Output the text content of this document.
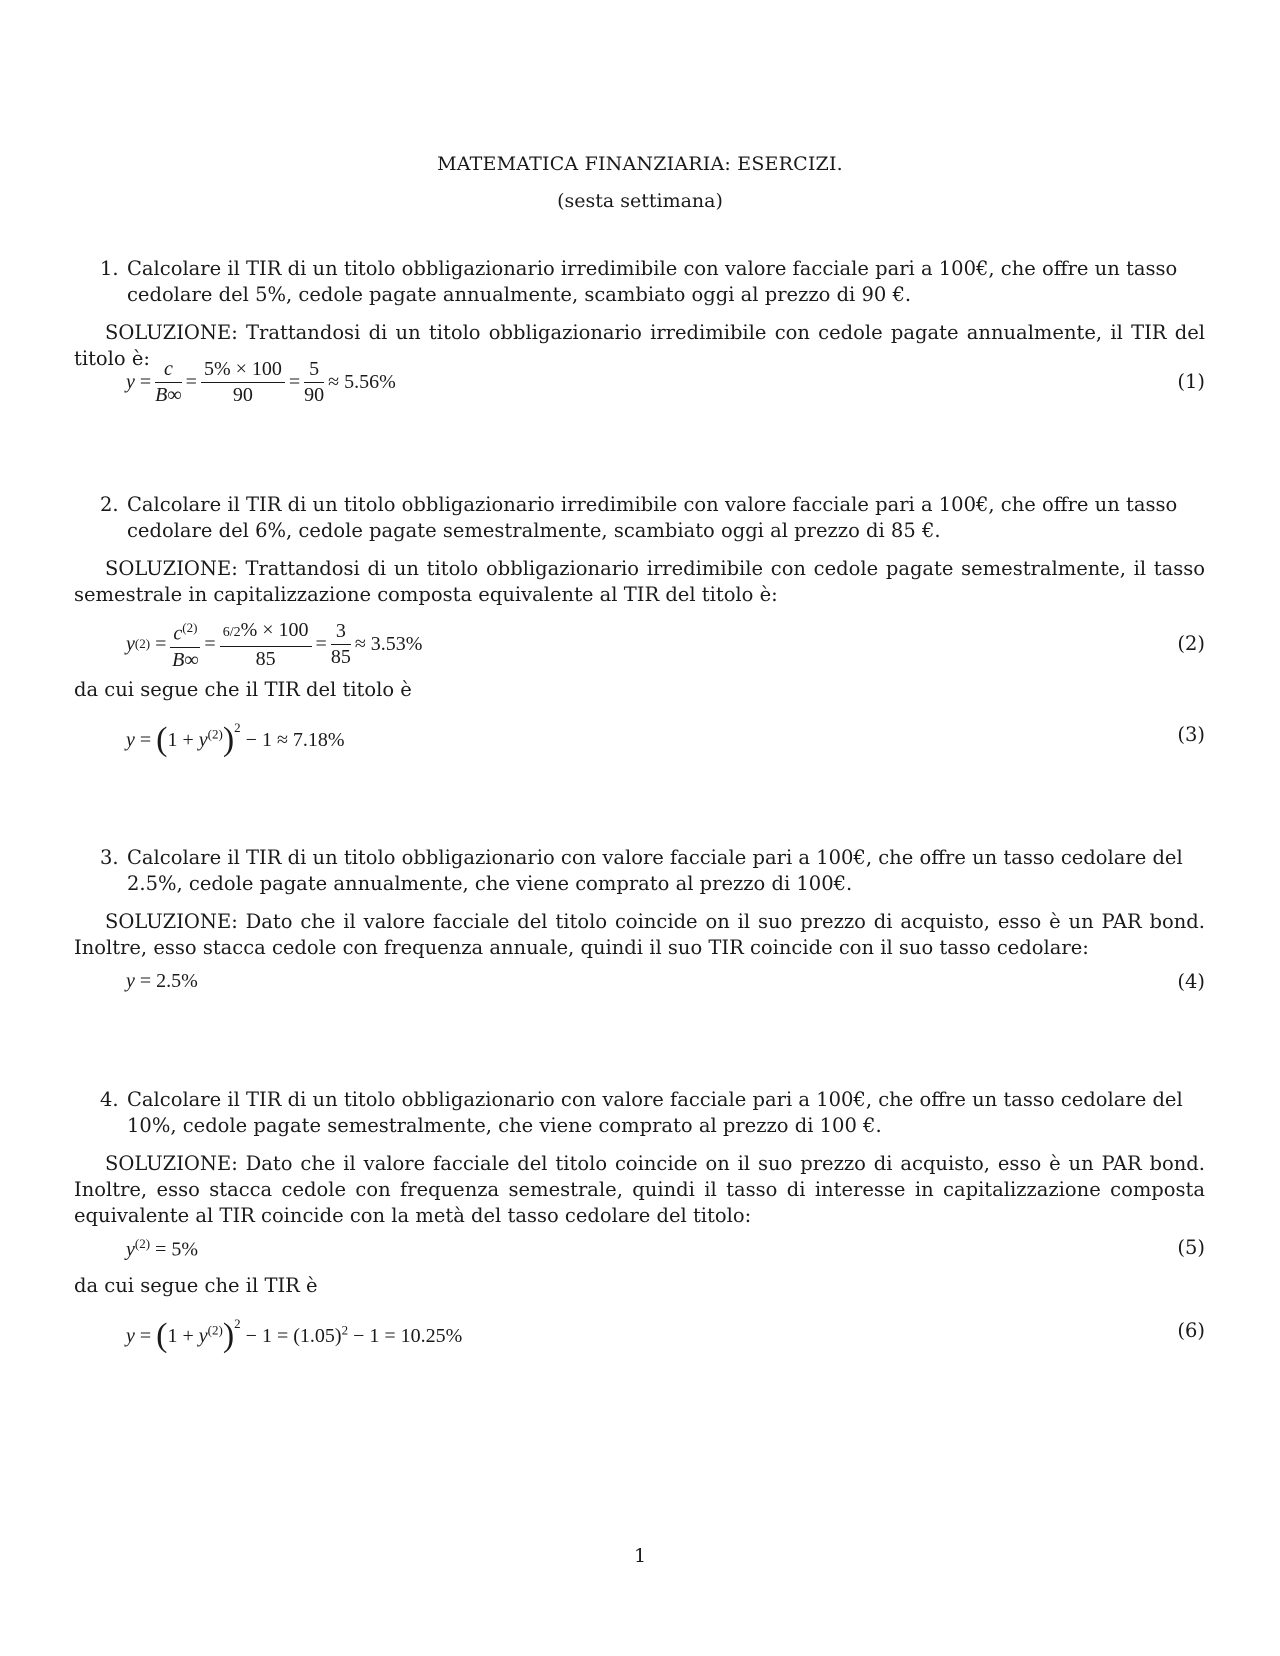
MATEMATICA FINANZIARIA: ESERCIZI.
(sesta settimana)
1. Calcolare il TIR di un titolo obbligazionario irredimibile con valore facciale pari a 100€, che offre un tasso cedolare del 5%, cedole pagate annualmente, scambiato oggi al prezzo di 90 €.
SOLUZIONE: Trattandosi di un titolo obbligazionario irredimibile con cedole pagate annualmente, il TIR del titolo è:
$y = \frac{c}{B\infty} = \frac{5\% \times 100}{90} = \frac{5}{90} \approx 5.56\%$	(1)
2. Calcolare il TIR di un titolo obbligazionario irredimibile con valore facciale pari a 100€, che offre un tasso cedolare del 6%, cedole pagate semestralmente, scambiato oggi al prezzo di 85 €.
SOLUZIONE: Trattandosi di un titolo obbligazionario irredimibile con cedole pagate semestralmente, il tasso semestrale in capitalizzazione composta equivalente al TIR del titolo è:
y $(2) = \frac{c^{(2)}}{B\infty} = \frac{6/2\% \times 100}{85} = \frac{3}{85} \approx 3.53\%$	(2)
da cui segue che il TIR del titolo è
$y = (1 + y^{(2)})^2 - 1 \approx 7.18\%$	(3)
3. Calcolare il TIR di un titolo obbligazionario con valore facciale pari a 100€, che offre un tasso cedolare del 2.5%, cedole pagate annualmente, che viene comprato al prezzo di 100€.
SOLUZIONE: Dato che il valore facciale del titolo coincide on il suo prezzo di acquisto, esso è un PAR bond. Inoltre, esso stacca cedole con frequenza annuale, quindi il suo TIR coincide con il suo tasso cedolare:
y = 2.5%	(4)
4. Calcolare il TIR di un titolo obbligazionario con valore facciale pari a 100€, che offre un tasso cedolare del 10%, cedole pagate semestralmente, che viene comprato al prezzo di 100 €.
SOLUZIONE: Dato che il valore facciale del titolo coincide on il suo prezzo di acquisto, esso è un PAR bond. Inoltre, esso stacca cedole con frequenza semestrale, quindi il tasso di interesse in capitalizzazione composta equivalente al TIR coincide con la metà del tasso cedolare del titolo:
$y^{(2)} = 5\%$	(5)
da cui segue che il TIR è
$y = (1 + y^{(2)})^2 - 1 = (1.05)^2 - 1 = 10.25\%$	(6)
1
